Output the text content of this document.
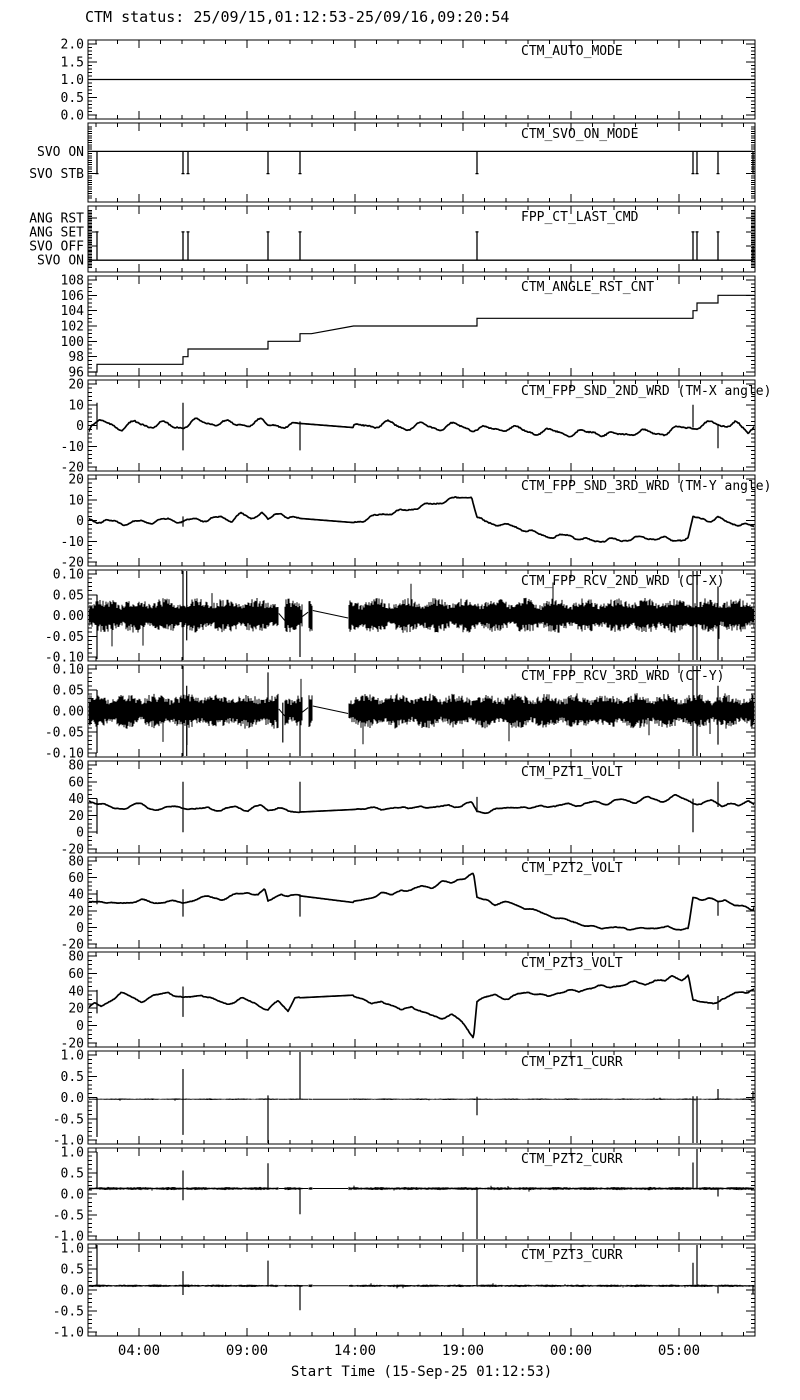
CTM status: 25/09/15,01:12:53-25/09/16,09:20:54
0.0
0.5
1.0
1.5
2.0	CTM_AUTO_MODE
SVO STB
SVO ON
CTM_SVO_ON_MODE
SVO ON
SVO OFF
ANG SET
ANG RST	FPP_CT_LAST_CMD
96
98
100
102
104
106
108	CTM_ANGLE_RST_CNT
-20
-10
0
10
20	CTM_FPP_SND_2ND_WRD (TM-X angle)
-20
-10
0
10
20	CTM_FPP_SND_3RD_WRD (TM-Y angle)
-0.10
-0.05
0.00
0.05
0.10	CTM_FPP_RCV_2ND_WRD (CT-X)
-0.10
-0.05
0.00
0.05
0.10	CTM_FPP_RCV_3RD_WRD (CT-Y)
-20
0
20
40
60
80	CTM_PZT1_VOLT
-20
0
20
40
60
80	CTM_PZT2_VOLT
-20
0
20
40
60
80	CTM_PZT3_VOLT
-1.0
-0.5
0.0
0.5
1.0	CTM_PZT1_CURR
-1.0
-0.5
0.0
0.5
1.0	CTM_PZT2_CURR
-1.0
-0.5
0.0
0.5
1.0	CTM_PZT3_CURR
04:00	09:00	14:00	19:00	00:00	05:00
Start Time (15-Sep-25 01:12:53)
